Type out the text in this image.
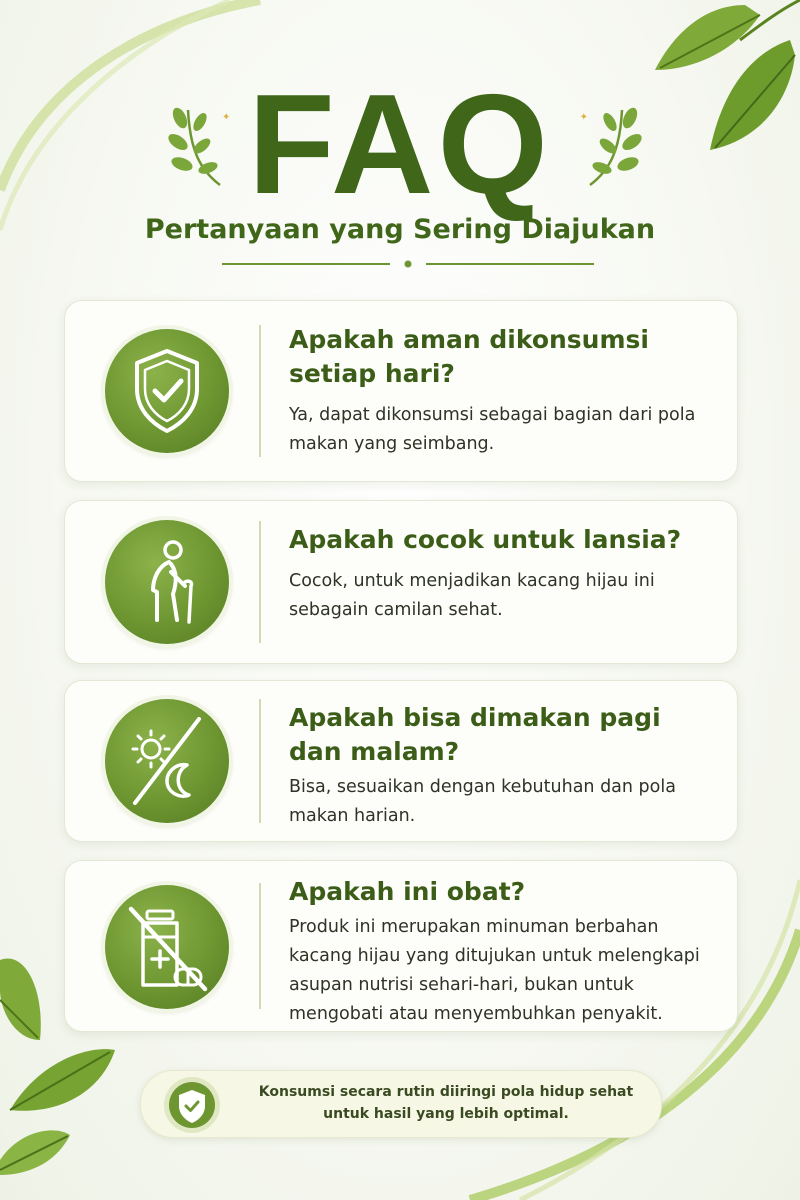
✦	✦
FAQ
Pertanyaan yang Sering Diajukan
Apakah aman dikonsumsi setiap hari?
Ya, dapat dikonsumsi sebagai bagian dari pola makan yang seimbang.
Apakah cocok untuk lansia?
Cocok, untuk menjadikan kacang hijau ini sebagain camilan sehat.
Apakah bisa dimakan pagi dan malam?
Bisa, sesuaikan dengan kebutuhan dan pola makan harian.
Apakah ini obat?
Produk ini merupakan minuman berbahan kacang hijau yang ditujukan untuk melengkapi asupan nutrisi sehari-hari, bukan untuk mengobati atau menyembuhkan penyakit.
Konsumsi secara rutin diiringi pola hidup sehat untuk hasil yang lebih optimal.
